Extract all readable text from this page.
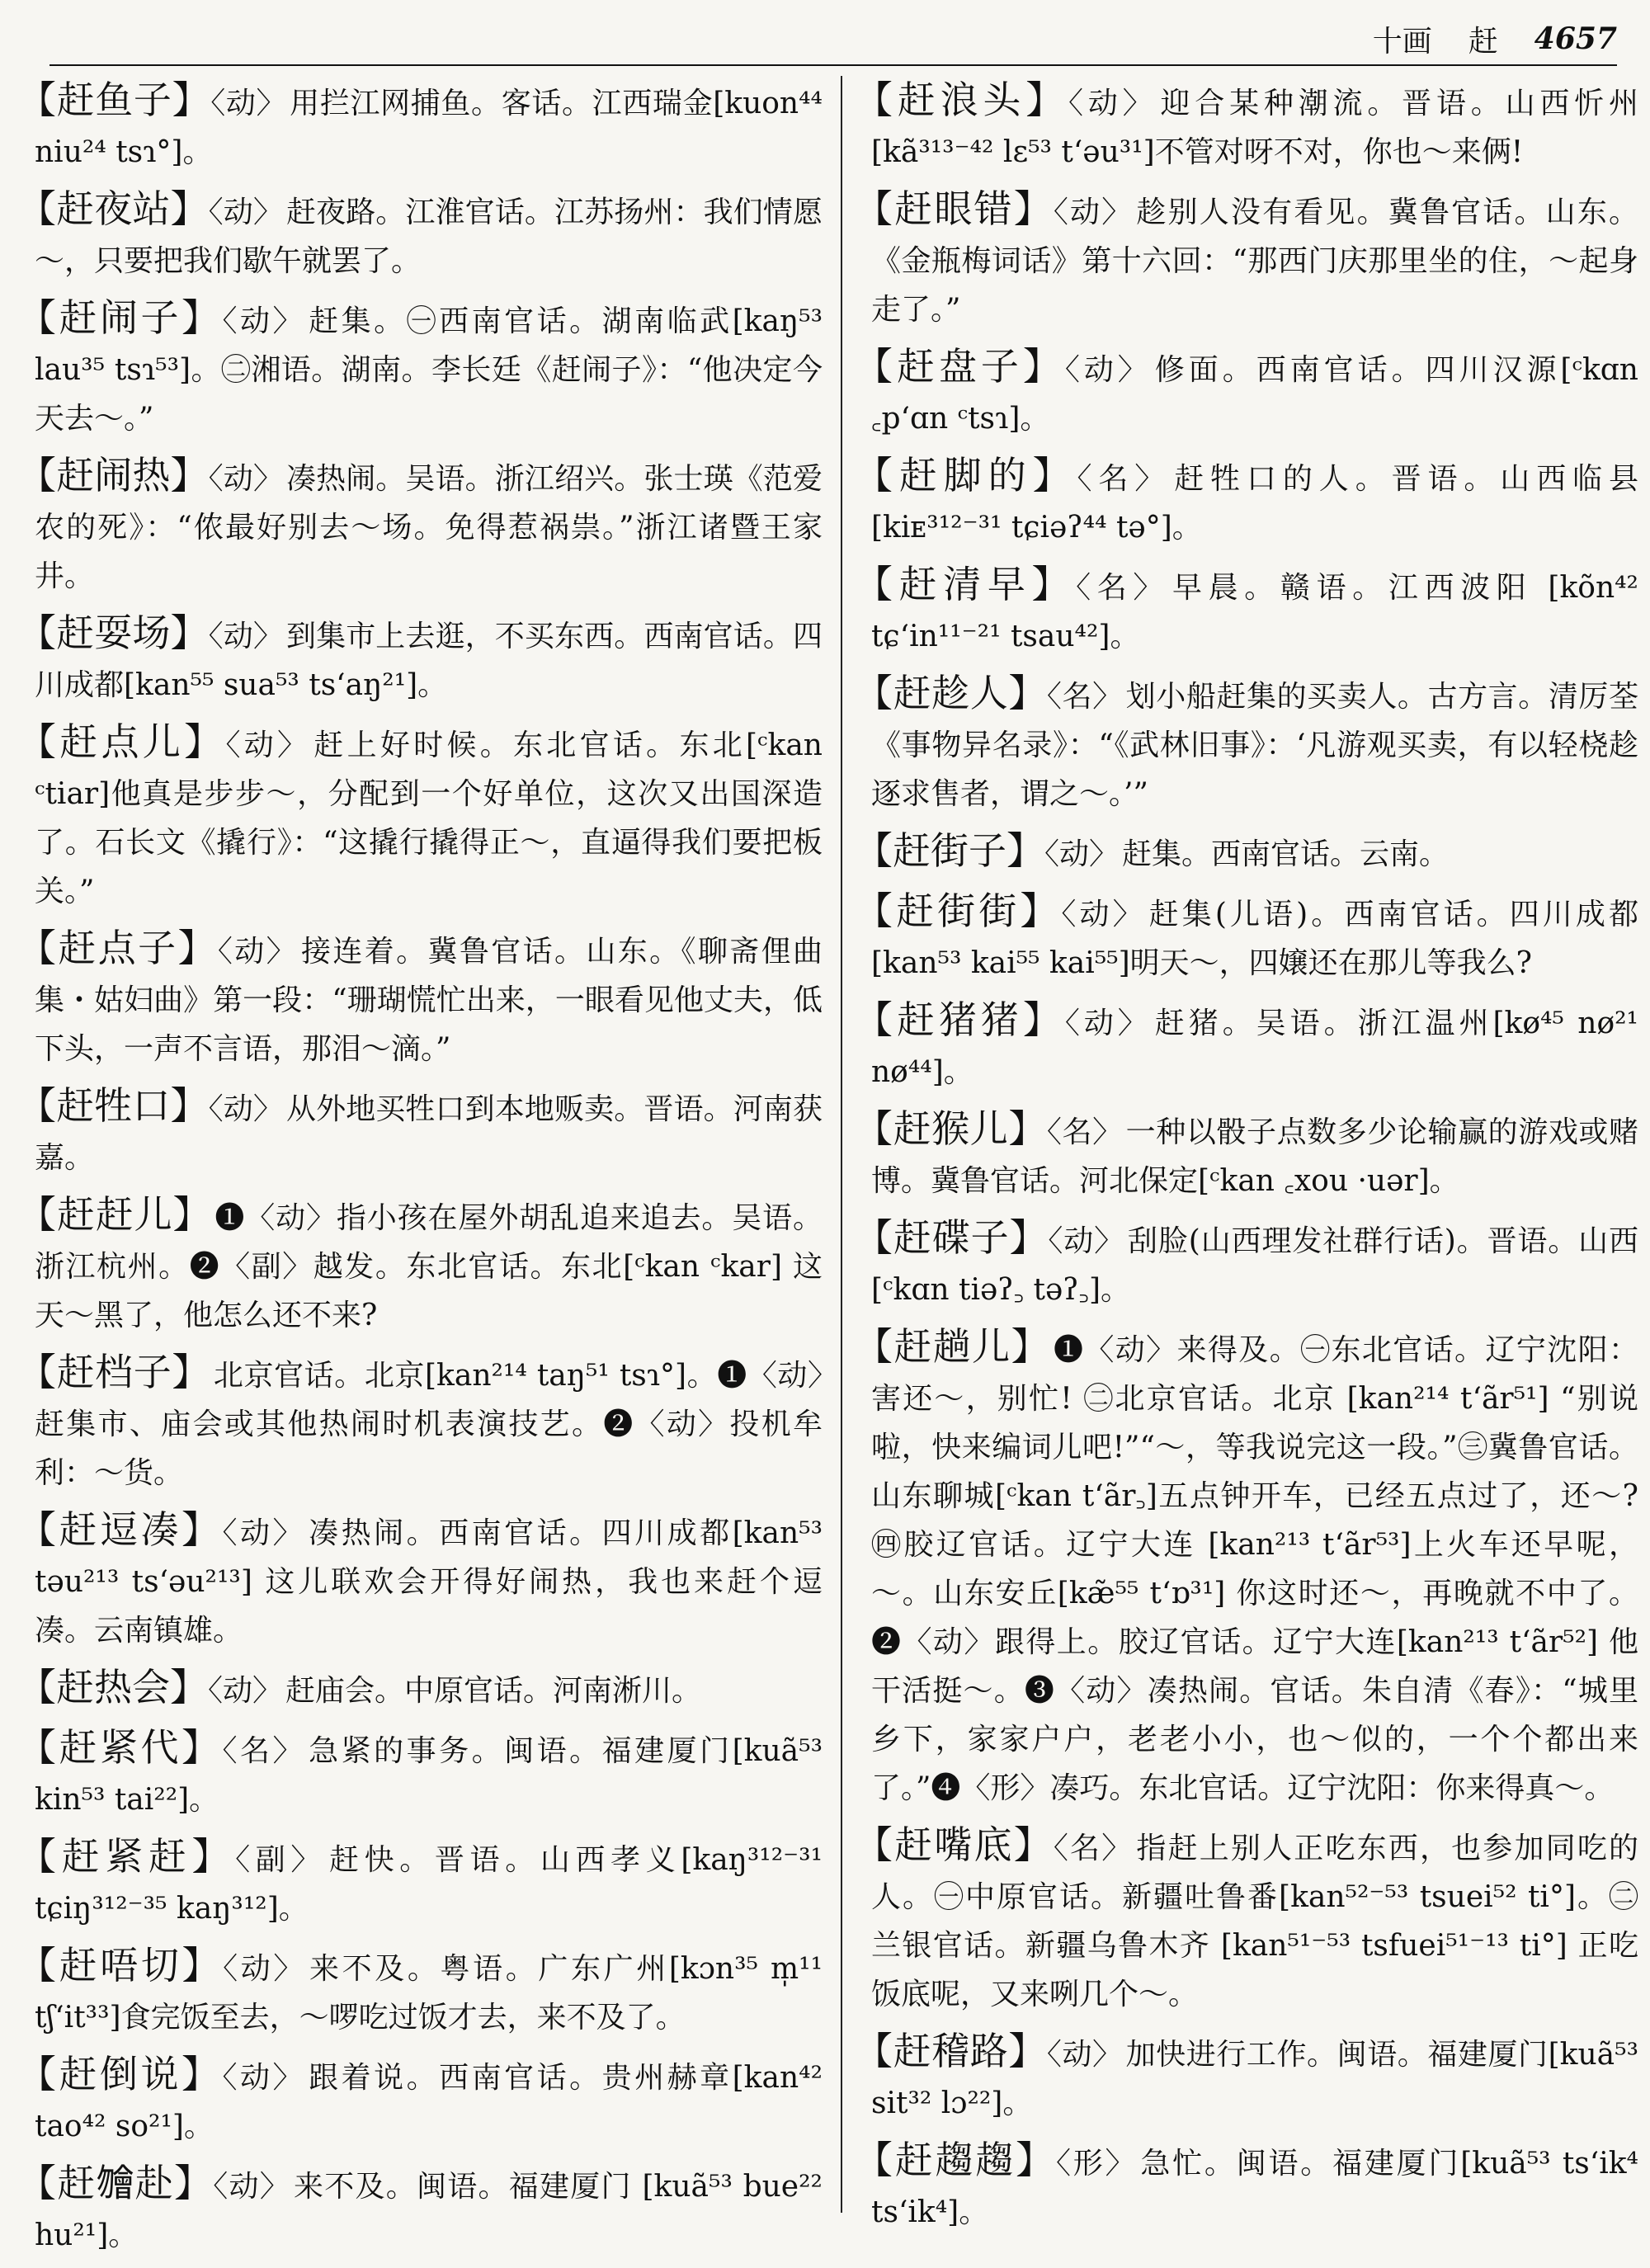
十画 赶 4657
【赶鱼子】〈动〉 用拦江网捕鱼。客话。江西瑞金[kuon⁴⁴ niu²⁴ tsɿ°]。
【赶夜站】〈动〉 赶夜路。江淮官话。江苏扬州：我们情愿～，只要把我们歇午就罢了。
【赶闹子】〈动〉 赶集。㊀西南官话。湖南临武[kaŋ⁵³ lau³⁵ tsɿ⁵³]。㊁湘语。湖南。李长廷《赶闹子》：“他决定今天去～。”
【赶闹热】〈动〉 凑热闹。吴语。浙江绍兴。张士瑛《范爱农的死》：“侬最好别去～场。免得惹祸祟。”浙江诸暨王家井。
【赶耍场】〈动〉 到集市上去逛，不买东西。西南官话。四川成都[kan⁵⁵ sua⁵³ ts‘aŋ²¹]。
【赶点儿】〈动〉 赶上好时候。东北官话。东北[ᶜkan ᶜtiar]他真是步步～，分配到一个好单位，这次又出国深造了。石长文《撬行》：“这撬行撬得正～，直逼得我们要把板关。”
【赶点子】〈动〉 接连着。冀鲁官话。山东。《聊斋俚曲集・姑妇曲》第一段：“珊瑚慌忙出来，一眼看见他丈夫，低下头，一声不言语，那泪～滴。”
【赶牲口】〈动〉 从外地买牲口到本地贩卖。晋语。河南获嘉。
【赶赶儿】 ❶〈动〉指小孩在屋外胡乱追来追去。吴语。浙江杭州。❷〈副〉越发。东北官话。东北[ᶜkan ᶜkar] 这天～黑了，他怎么还不来?
【赶档子】 北京官话。北京[kan²¹⁴ taŋ⁵¹ tsɿ°]。❶〈动〉赶集市、庙会或其他热闹时机表演技艺。❷〈动〉投机牟利：～货。
【赶逗凑】〈动〉 凑热闹。西南官话。四川成都[kan⁵³ təu²¹³ ts‘əu²¹³] 这儿联欢会开得好闹热，我也来赶个逗凑。云南镇雄。
【赶热会】〈动〉 赶庙会。中原官话。河南淅川。
【赶紧代】〈名〉 急紧的事务。闽语。福建厦门[kuã⁵³ kin⁵³ tai²²]。
【赶紧赶】〈副〉 赶快。晋语。山西孝义[kaŋ³¹²⁻³¹ tɕiŋ³¹²⁻³⁵ kaŋ³¹²]。
【赶唔切】〈动〉 来不及。粤语。广东广州[kɔn³⁵ m̩¹¹ tʃ‘it³³]食完饭至去，～啰吃过饭才去，来不及了。
【赶倒说】〈动〉 跟着说。西南官话。贵州赫章[kan⁴² tao⁴² so²¹]。
【赶𣍐赴】〈动〉 来不及。闽语。福建厦门 [kuã⁵³ bue²² hu²¹]。
【赶浪头】〈动〉 迎合某种潮流。晋语。山西忻州[kã³¹³⁻⁴² lɛ⁵³ t‘əu³¹]不管对呀不对，你也～来俩!
【赶眼错】〈动〉 趁别人没有看见。冀鲁官话。山东。《金瓶梅词话》第十六回：“那西门庆那里坐的住，～起身走了。”
【赶盘子】〈动〉 修面。西南官话。四川汉源[ᶜkɑn ꜀p‘ɑn ᶜtsɿ]。
【赶脚的】〈名〉 赶牲口的人。晋语。山西临县[kiᴇ³¹²⁻³¹ tɕiəʔ⁴⁴ tə°]。
【赶清早】〈名〉 早晨。赣语。江西波阳 [kõn⁴² tɕ‘in¹¹⁻²¹ tsau⁴²]。
【赶趁人】〈名〉 划小船赶集的买卖人。古方言。清厉荃《事物异名录》：“《武林旧事》：‘凡游观买卖，有以轻桡趁逐求售者，谓之～。’”
【赶街子】〈动〉 赶集。西南官话。云南。
【赶街街】〈动〉 赶集(儿语)。西南官话。四川成都[kan⁵³ kai⁵⁵ kai⁵⁵]明天～，四嬢还在那儿等我么?
【赶猪猪】〈动〉 赶猪。吴语。浙江温州[kø⁴⁵ nø²¹ nø⁴⁴]。
【赶猴儿】〈名〉 一种以骰子点数多少论输赢的游戏或赌博。冀鲁官话。河北保定[ᶜkan ꜀xou ·uər]。
【赶碟子】〈动〉 刮脸(山西理发社群行话)。晋语。山西[ᶜkɑn tiəʔ꜆ təʔ꜆]。
【赶趟儿】 ❶〈动〉来得及。㊀东北官话。辽宁沈阳：害还～，别忙! ㊁北京官话。北京 [kan²¹⁴ t‘ãr⁵¹] “别说啦，快来编词儿吧!”“～，等我说完这一段。”㊂冀鲁官话。山东聊城[ᶜkan t‘ãr꜆]五点钟开车，已经五点过了，还～? ㊃胶辽官话。辽宁大连 [kan²¹³ t‘ãr⁵³]上火车还早呢，～。山东安丘[kæ̃⁵⁵ t‘ɒ³¹] 你这时还～，再晚就不中了。❷〈动〉跟得上。胶辽官话。辽宁大连[kan²¹³ t‘ãr⁵²] 他干活挺～。❸〈动〉凑热闹。官话。朱自清《春》：“城里乡下，家家户户，老老小小，也～似的，一个个都出来了。”❹〈形〉凑巧。东北官话。辽宁沈阳：你来得真～。
【赶嘴底】〈名〉 指赶上别人正吃东西，也参加同吃的人。㊀中原官话。新疆吐鲁番[kan⁵²⁻⁵³ tsuei⁵² ti°]。㊁兰银官话。新疆乌鲁木齐 [kan⁵¹⁻⁵³ tsfuei⁵¹⁻¹³ ti°] 正吃饭底呢，又来咧几个～。
【赶稽路】〈动〉 加快进行工作。闽语。福建厦门[kuã⁵³ sit³² lɔ²²]。
【赶趨趨】〈形〉 急忙。闽语。福建厦门[kuã⁵³ ts‘ik⁴ ts‘ik⁴]。
